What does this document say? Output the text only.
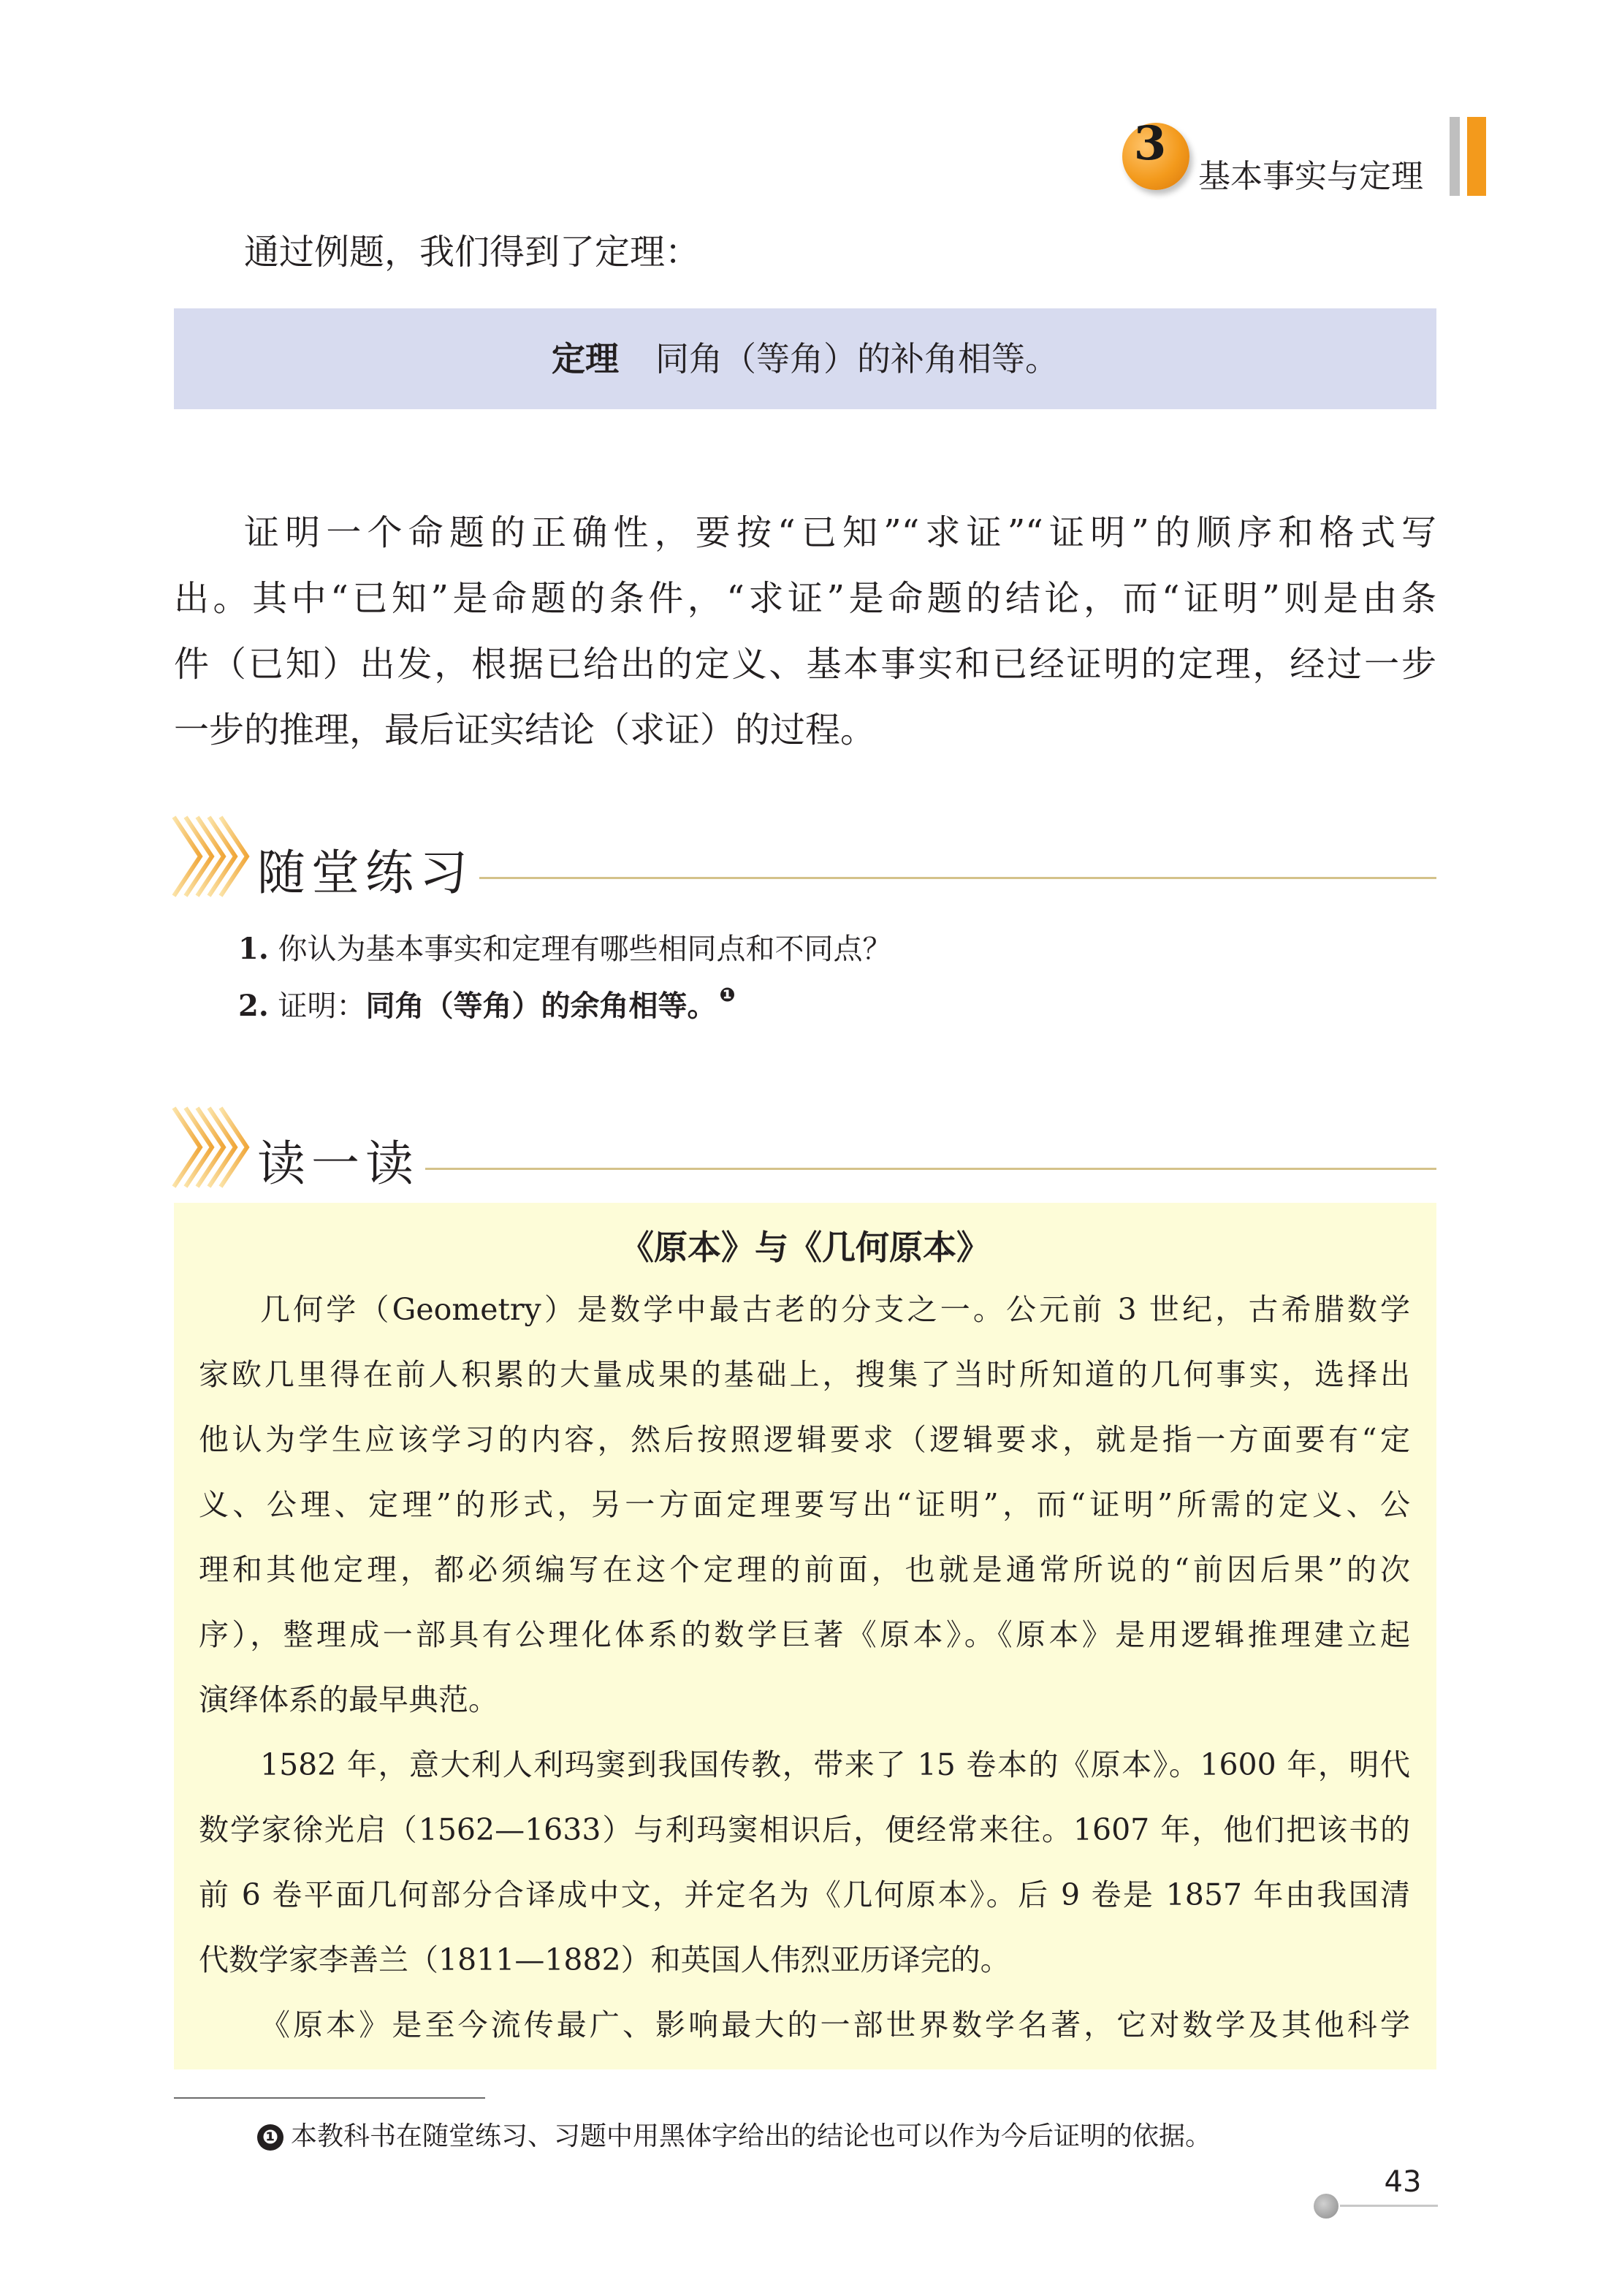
3
基本事实与定理
通过例题，我们得到了定理：
定理 同角（等角）的补角相等。
证明一个命题的正确性，要按“已知”“求证”“证明”的顺序和格式写
出。其中“已知”是命题的条件，“求证”是命题的结论，而“证明”则是由条
件（已知）出发，根据已给出的定义、基本事实和已经证明的定理，经过一步
一步的推理，最后证实结论（求证）的过程。
随堂练习
1. 你认为基本事实和定理有哪些相同点和不同点？
2. 证明：同角（等角）的余角相等。 $^❶$
读一读
《原本》与《几何原本》
几何学（Geometry）是数学中最古老的分支之一。公元前 3 世纪，古希腊数学
家欧几里得在前人积累的大量成果的基础上，搜集了当时所知道的几何事实，选择出
他认为学生应该学习的内容，然后按照逻辑要求（逻辑要求，就是指一方面要有“定
义、公理、定理”的形式，另一方面定理要写出“证明”，而“证明”所需的定义、公
理和其他定理，都必须编写在这个定理的前面，也就是通常所说的“前因后果”的次
序），整理成一部具有公理化体系的数学巨著《原本》。《原本》是用逻辑推理建立起
演绎体系的最早典范。
1582 年，意大利人利玛窦到我国传教，带来了 15 卷本的《原本》。1600 年，明代
数学家徐光启（1562—1633）与利玛窦相识后，便经常来往。1607 年，他们把该书的
前 6 卷平面几何部分合译成中文，并定名为《几何原本》。后 9 卷是 1857 年由我国清
代数学家李善兰（1811—1882）和英国人伟烈亚历译完的。
《原本》是至今流传最广、影响最大的一部世界数学名著，它对数学及其他科学
❶ 本教科书在随堂练习、习题中用黑体字给出的结论也可以作为今后证明的依据。
43
